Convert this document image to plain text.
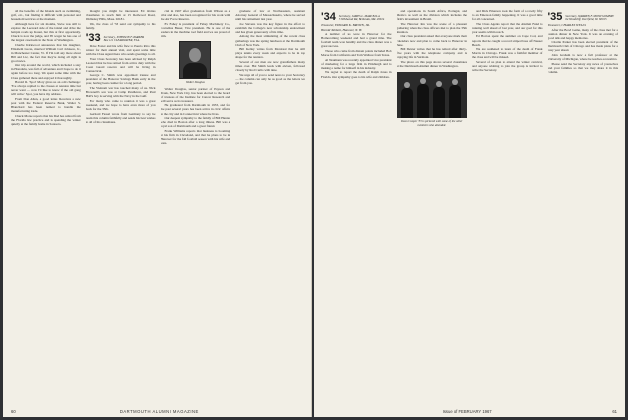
all the benefits of the Islands such as swimming, golf, etc., but finding it difficult with personal and household services at the moment.

Although here for six months, Steve was still to explore the Leeward side of the island and drive the hairpin roads up Kauai, but this at first opportunity. Chuck is now the judge, and I'll wager he has one of the largest caseloads in the State of Washington.

Charlie Kirkwood announces that his daughter, Elizabeth Lucas, married William Carl Johnson, Jr., in Manchester Center, Vt. If I'm told any more about Bill and Liz, the fact that they're doing all right is good news.

Our trip around the world, which included a stay in Honolulu, was full of adventure and I hope to do it again before too long. We spent some time with the Class gathered there and enjoyed it thoroughly.

Harold R. 'Spot' Mory gives us an odd challenge: 'I've always replied to the classes at reunion time but never went — now I'd like to know if the old gang will write.' Spot, you have my address.

From Don Allen, a good letter. Receives a new post with the Federal Reserve Bank, Walter S. Blanchard has been named to handle the manufacturing trade.

Chuck Morse reports that his Dad has retired from the Florida law practice and is spending the winter quietly at the family home in Sarasota.

thought you might be interested. Ed invites classmates to reach him at 15 Redwood Road, Wellesley Hills, Mass. 02181.

We, the class of '33 send our sympathy to his family.

'33 Secretary, JOHNSON F. PARKER
Box 111 CLEARWATER, FLA.

Dave Foster and his wife flew to Puerto Rico this winter for their annual visit, and spent some time with the Class Agent there who sends greetings to all.

Your Class Secretary has been advised by Ralph Leonard that he has retired from active duty with the Coast Guard reserve and will be living in Connecticut.

George C. Smith was appointed trustee and president of the Hanover Savings Bank early in the year, having been cashier for a long period.

The Vietnam war has touched many of us. Nick Brownell's son was at Camp Pendleton, and Paul Hall's boy is serving with the Navy in the Gulf.

For many who came to reunion it was a great weekend, and we hope to have even more of you back for the 35th.

Gerhard Fassel wrote from Germany to say he reads this column faithfully and sends his best wishes to all of his classmates.

cial in 1967 after graduation from Wilson as a pilot and also, has been recognized for his work with the Air Force Reserve.

Ev Fahey is president of Fahey Machinery Co., Cornelius Bauer, Vice president. He is one of the leaders in the machine tool field and we are proud of him.

Walter Douglas

Walter Douglas, senior partner of Payson and Trask, New York City, has been elected to the board of trustees of the Institute for Cancer Research and will serve as its treasurer.

He graduated from Dartmouth in 1933, and for the past several years has been active in civic affairs in the city and in Connecticut where he lives.

Our deepest sympathy to the family of Bill Hunter who died in Boston after a long illness. Bill was a loyal son of Dartmouth and a great friend.

Frank Williams reports that business is booming at his firm in Cleveland, and that he plans to be in Hanover for the fall football season with his wife and sons.

graduate of law at Northeastern, assistant Attorney General of Massachusetts, where he served until his retirement last year.

Joe Stevens was the key figure in the effort to establish the College's new scholarship endowment and has given generously of his time.

Among the most stimulating of the recent class gatherings was the spring luncheon at the Dartmouth Club of New York.

Bill Kelley writes from Montreal that he still plays tennis every week and expects to be in top shape for the reunion.

Several of our men are now grandfathers many times over. Hal Smith leads with eleven, followed closely by Rod Curtis with nine.

We urge all of you to send news to your Secretary — the column can only be as good as the letters we get from you.

60	DARTMOUTH ALUMNI MAGAZINE
'34 Secretary, JAMES L. MARCELLA
5 Wildwood Rd, Bethesda, Md. 20014

Treasurer, EDWARD K. BROWN, JR.

Harold Tabbott, Hanover, N. H.

A number of us were in Hanover for the Homecoming weekend and had a grand time. The football team won handily and the class dinner was a great success.

Those who came from distant points included Bob Morse from California and Tom Wallace from Texas.

Al Neumann was recently appointed vice president of marketing for a large firm in Pittsburgh and is making a name for himself in his industry.

We regret to report the death of Ralph Jones in Florida. Our sympathy goes to his wife and children.

and operations in South Africa, Portugal, and Mexico as well as the division which includes the firm's investment in Brazil.

The Hanover Inn was the scene of a pleasant gathering when the class officers met to plan the 35th Reunion.

Our class president asked that everyone mark their calendars now and plan to come back to Hanover in June.

Bill Dexter writes that he has retired after thirty-five years with the telephone company and is enjoying life in Vermont.

The photo on this page shows several classmates at the Dartmouth Alumni dinner in Washington.

Dean Cooper '33 is pictured with some of the other members who attended.

and Dick Emerson took the form of a rowdy fifty to an Emerson family happening. It was a good time for all concerned.

The Class Agents report that the Alumni Fund is running well ahead of last year, and our goal for this year seems within reach.

Ed Horton spent the summer on Cape Cod, and reports that he caught a record striped bass off Nauset Beach.

We are saddened to learn of the death of Frank Morris in Chicago. Frank was a faithful member of the class and will be missed.

Several of us plan to attend the winter carnival, and anyone wishing to join the group is invited to write the Secretary.

'35 Secretary, WARREN F. MONTGOMERY
64 Woodcliff, Deerfield, Ill. 60015

Treasurer, CHARLES WELLS

After the Bowl Game, many of the class met for a reunion dinner in New York. It was an evening of good talk and happy memories.

Charlie Parker has been elected president of the Dartmouth Club of Chicago and has made plans for a busy year ahead.

John Graham is now a full professor at the University of Michigan, where he teaches economics.

Please send the Secretary any news of yourselves and your families so that we may share it in this column.

Issue of FEBRUARY 1967	61
